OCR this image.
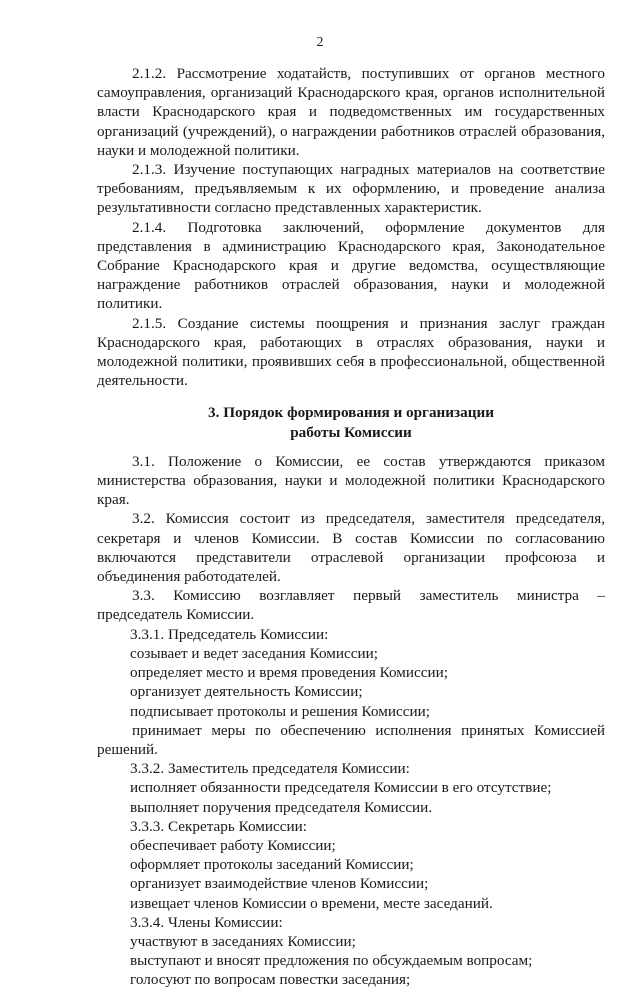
2

2.1.2. Рассмотрение ходатайств, поступивших от органов местного самоуправления, организаций Краснодарского края, органов исполнительной власти Краснодарского края и подведомственных им государственных организаций (учреждений), о награждении работников отраслей образования, науки и молодежной политики.

2.1.3. Изучение поступающих наградных материалов на соответствие требованиям, предъявляемым к их оформлению, и проведение анализа результативности согласно представленных характеристик.

2.1.4. Подготовка заключений, оформление документов для представления в администрацию Краснодарского края, Законодательное Собрание Краснодарского края и другие ведомства, осуществляющие награждение работников отраслей образования, науки и молодежной политики.

2.1.5. Создание системы поощрения и признания заслуг граждан Краснодарского края, работающих в отраслях образования, науки и молодежной политики, проявивших себя в профессиональной, общественной деятельности.

3. Порядок формирования и организации
работы Комиссии

3.1. Положение о Комиссии, ее состав утверждаются приказом министерства образования, науки и молодежной политики Краснодарского края.

3.2. Комиссия состоит из председателя, заместителя председателя, секретаря и членов Комиссии. В состав Комиссии по согласованию включаются представители отраслевой организации профсоюза и объединения работодателей.

3.3. Комиссию возглавляет первый заместитель министра – председатель Комиссии.

3.3.1. Председатель Комиссии:

созывает и ведет заседания Комиссии;

определяет место и время проведения Комиссии;

организует деятельность Комиссии;

подписывает протоколы и решения Комиссии;

принимает меры по обеспечению исполнения принятых Комиссией решений.

3.3.2. Заместитель председателя Комиссии:

исполняет обязанности председателя Комиссии в его отсутствие;

выполняет поручения председателя Комиссии.

3.3.3. Секретарь Комиссии:

обеспечивает работу Комиссии;

оформляет протоколы заседаний Комиссии;

организует взаимодействие членов Комиссии;

извещает членов Комиссии о времени, месте заседаний.

3.3.4. Члены Комиссии:

участвуют в заседаниях Комиссии;

выступают и вносят предложения по обсуждаемым вопросам;

голосуют по вопросам повестки заседания;
